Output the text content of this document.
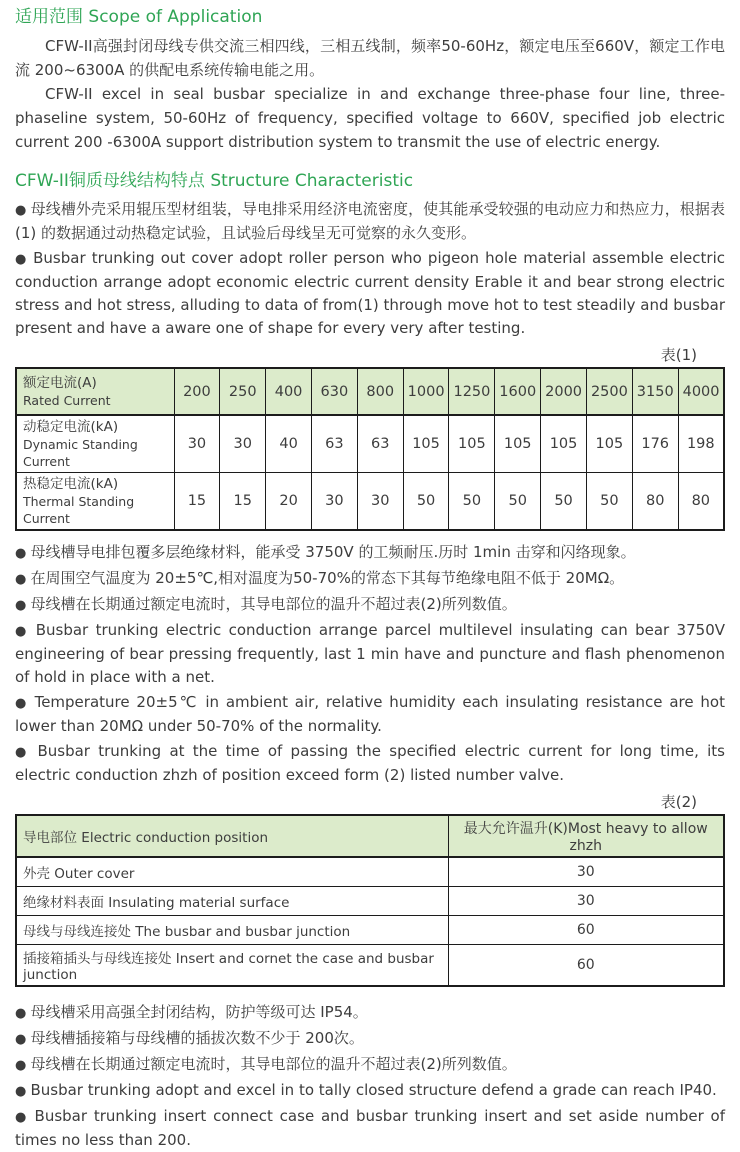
适用范围 Scope of Application

CFW-II高强封闭母线专供交流三相四线，三相五线制，频率50-60Hz，额定电压至660V，额定工作电流 200~6300A 的供配电系统传输电能之用。

CFW-II excel in seal busbar specialize in and exchange three-phase four line, three-phaseline system, 50-60Hz of frequency, specified voltage to 660V, specified job electric current 200 -6300A support distribution system to transmit the use of electric energy.

CFW-II铜质母线结构特点 Structure Characteristic
● 母线槽外壳采用辊压型材组装，导电排采用经济电流密度，使其能承受较强的电动应力和热应力，根据表(1) 的数据通过动热稳定试验，且试验后母线呈无可觉察的永久变形。
● Busbar trunking out cover adopt roller person who pigeon hole material assemble electric conduction arrange adopt economic electric current density Erable it and bear strong electric stress and hot stress, alluding to data of from(1) through move hot to test steadily and busbar present and have a aware one of shape for every very after testing.
表(1)
额定电流(A)
Rated Current	200	250	400	630	800	1000	1250	1600	2000	2500	3150	4000

动稳定电流(kA)
Dynamic Standing Current	30	30	40	63	63	105	105	105	105	105	176	198

热稳定电流(kA)
Thermal Standing Current	15	15	20	30	30	50	50	50	50	50	80	80
● 母线槽导电排包覆多层绝缘材料，能承受 3750V 的工频耐压.历时 1min 击穿和闪络现象。
● 在周围空气温度为 20±5℃,相对温度为50-70%的常态下其每节绝缘电阻不低于 20MΩ。
● 母线槽在长期通过额定电流时，其导电部位的温升不超过表(2)所列数值。
● Busbar trunking electric conduction arrange parcel multilevel insulating can bear 3750V engineering of bear pressing frequently, last 1 min have and puncture and flash phenomenon of hold in place with a net.
● Temperature 20±5℃ in ambient air, relative humidity each insulating resistance are hot lower than 20MΩ under 50-70% of the normality.
● Busbar trunking at the time of passing the specified electric current for long time, its electric conduction zhzh of position exceed form (2) listed number valve.
表(2)
导电部位 Electric conduction position	最大允许温升(K)Most heavy to allow zhzh
外壳 Outer cover	30
绝缘材料表面 Insulating material surface	30
母线与母线连接处 The busbar and busbar junction	60
插接箱插头与母线连接处 Insert and cornet the case and busbar junction	60
● 母线槽采用高强全封闭结构，防护等级可达 IP54。
● 母线槽插接箱与母线槽的插拔次数不少于 200次。
● 母线槽在长期通过额定电流时，其导电部位的温升不超过表(2)所列数值。
● Busbar trunking adopt and excel in to tally closed structure defend a grade can reach IP40.
● Busbar trunking insert connect case and busbar trunking insert and set aside number of times no less than 200.
